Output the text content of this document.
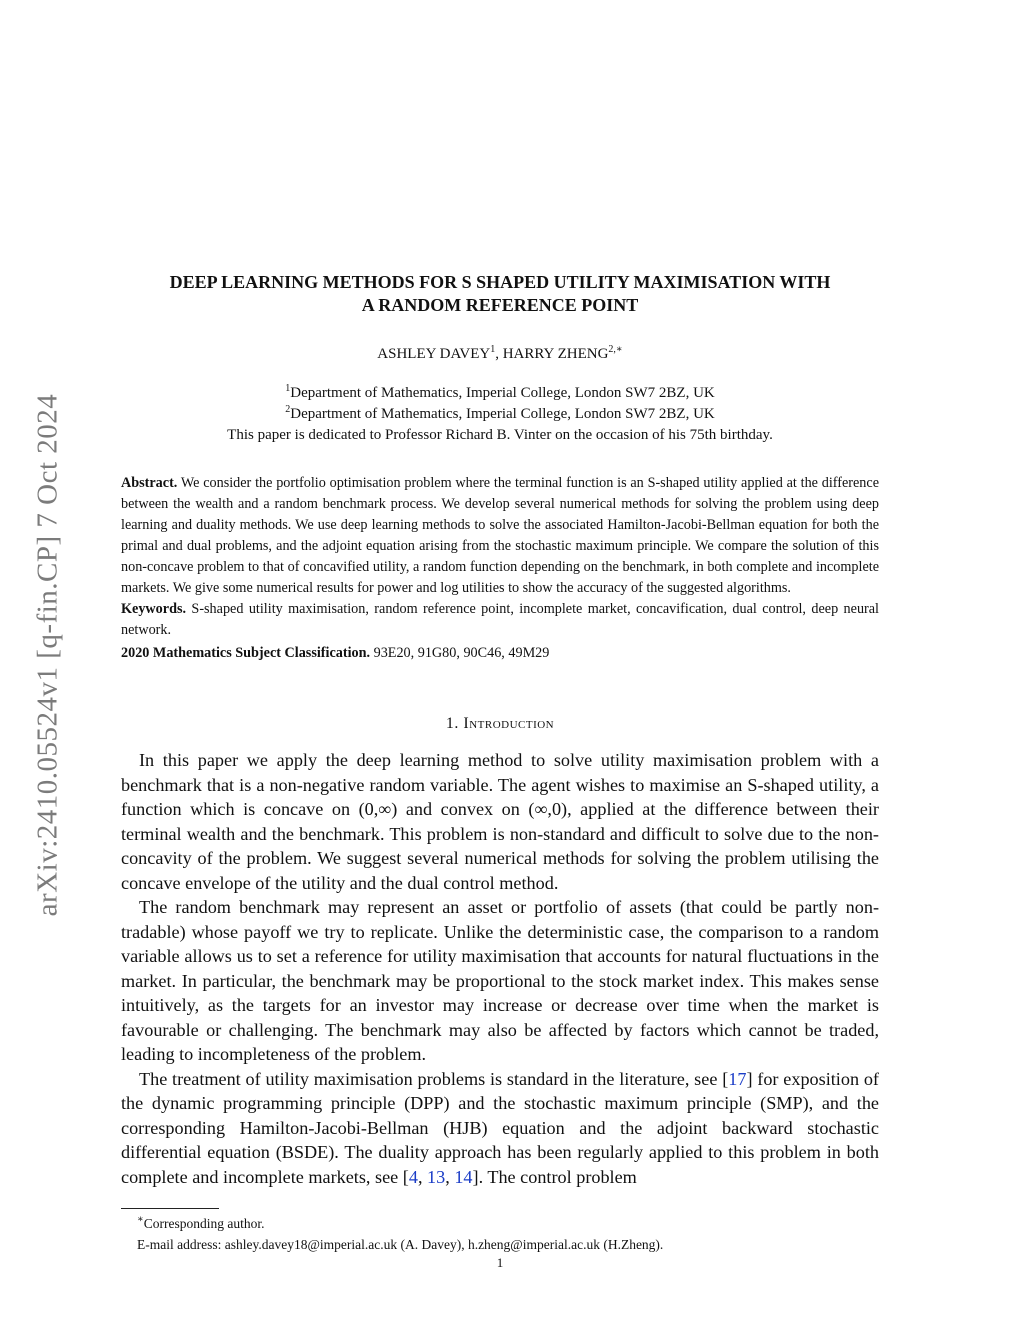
arXiv:2410.05524v1 [q-fin.CP] 7 Oct 2024
DEEP LEARNING METHODS FOR S SHAPED UTILITY MAXIMISATION WITH
A RANDOM REFERENCE POINT
ASHLEY DAVEY$^1$, HARRY $ZHENG^{2,∗}$
$^1$Department of Mathematics, Imperial College, London SW7 2BZ, UK
$^2$Department of Mathematics, Imperial College, London SW7 2BZ, UK
This paper is dedicated to Professor Richard B. Vinter on the occasion of his 75th birthday.

Abstract. We consider the portfolio optimisation problem where the terminal function is an S-shaped utility applied at the difference between the wealth and a random benchmark process. We develop several numerical methods for solving the problem using deep learning and duality methods. We use deep learning methods to solve the associated Hamilton-Jacobi-Bellman equation for both the primal and dual problems, and the adjoint equation arising from the stochastic maximum principle. We compare the solution of this non-concave problem to that of concavified utility, a random function depending on the benchmark, in both complete and incomplete markets. We give some numerical results for power and log utilities to show the accuracy of the suggested algorithms.

Keywords. S-shaped utility maximisation, random reference point, incomplete market, concavification, dual control, deep neural network.

2020 Mathematics Subject Classification. 93E20, 91G80, 90C46, 49M29

1. Introduction

In this paper we apply the deep learning method to solve utility maximisation problem with a benchmark that is a non-negative random variable. The agent wishes to maximise an S-shaped utility, a function which is concave on (0,∞) and convex on (∞,0), applied at the difference between their terminal wealth and the benchmark. This problem is non-standard and difficult to solve due to the non-concavity of the problem. We suggest several numerical methods for solving the problem utilising the concave envelope of the utility and the dual control method.

The random benchmark may represent an asset or portfolio of assets (that could be partly non-tradable) whose payoff we try to replicate. Unlike the deterministic case, the comparison to a random variable allows us to set a reference for utility maximisation that accounts for natural fluctuations in the market. In particular, the benchmark may be proportional to the stock market index. This makes sense intuitively, as the targets for an investor may increase or decrease over time when the market is favourable or challenging. The benchmark may also be affected by factors which cannot be traded, leading to incompleteness of the problem.

The treatment of utility maximisation problems is standard in the literature, see [17] for exposition of the dynamic programming principle (DPP) and the stochastic maximum principle (SMP), and the corresponding Hamilton-Jacobi-Bellman (HJB) equation and the adjoint backward stochastic differential equation (BSDE). The duality approach has been regularly applied to this problem in both complete and incomplete markets, see [4, 13, 14]. The control problem

∗Corresponding author.
E-mail address: ashley.davey18@imperial.ac.uk (A. Davey), h.zheng@imperial.ac.uk (H.Zheng).
1
